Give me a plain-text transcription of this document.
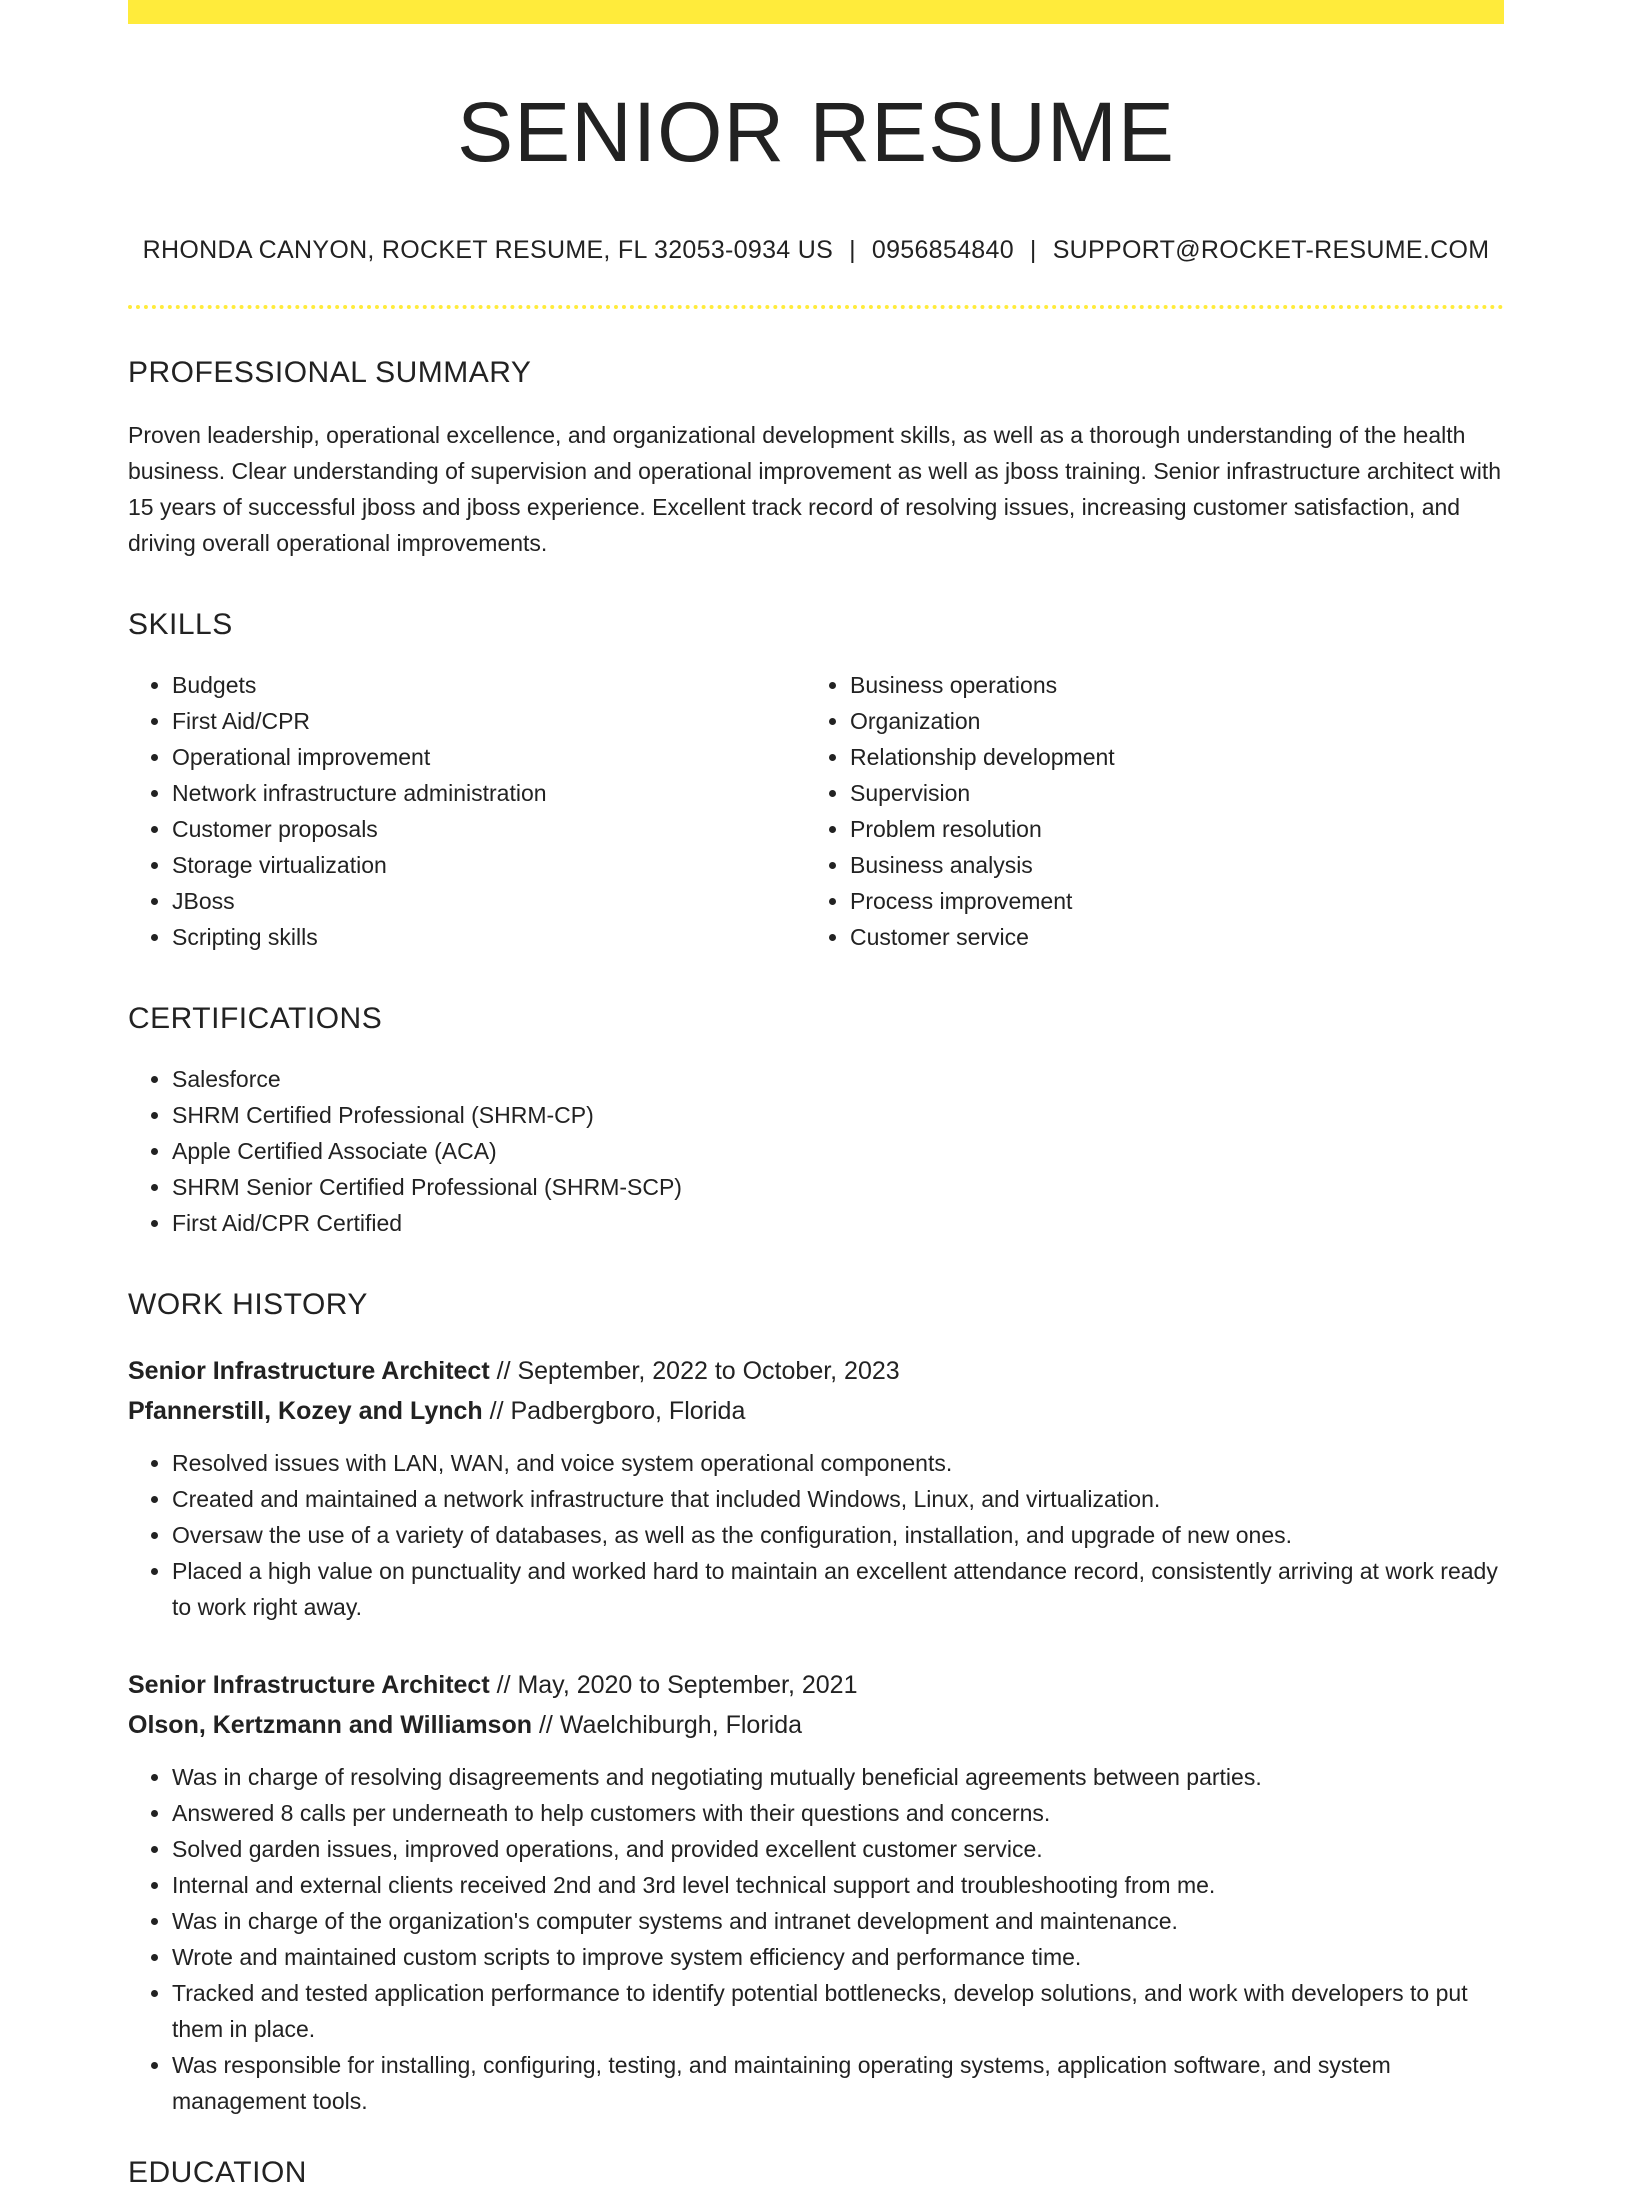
SENIOR RESUME
RHONDA CANYON, ROCKET RESUME, FL 32053-0934 US | 0956854840 | SUPPORT@ROCKET-RESUME.COM
PROFESSIONAL SUMMARY

Proven leadership, operational excellence, and organizational development skills, as well as a thorough understanding of the health business. Clear understanding of supervision and operational improvement as well as jboss training. Senior infrastructure architect with 15 years of successful jboss and jboss experience. Excellent track record of resolving issues, increasing customer satisfaction, and driving overall operational improvements.

SKILLS
• Budgets
• First Aid/CPR
• Operational improvement
• Network infrastructure administration
• Customer proposals
• Storage virtualization
• JBoss
• Scripting skills
• Business operations
• Organization
• Relationship development
• Supervision
• Problem resolution
• Business analysis
• Process improvement
• Customer service
CERTIFICATIONS
• Salesforce
• SHRM Certified Professional (SHRM-CP)
• Apple Certified Associate (ACA)
• SHRM Senior Certified Professional (SHRM-SCP)
• First Aid/CPR Certified
WORK HISTORY
Senior Infrastructure Architect // September, 2022 to October, 2023
Pfannerstill, Kozey and Lynch // Padbergboro, Florida
• Resolved issues with LAN, WAN, and voice system operational components.
• Created and maintained a network infrastructure that included Windows, Linux, and virtualization.
• Oversaw the use of a variety of databases, as well as the configuration, installation, and upgrade of new ones.
• Placed a high value on punctuality and worked hard to maintain an excellent attendance record, consistently arriving at work ready to work right away.
Senior Infrastructure Architect // May, 2020 to September, 2021
Olson, Kertzmann and Williamson // Waelchiburgh, Florida
• Was in charge of resolving disagreements and negotiating mutually beneficial agreements between parties.
• Answered 8 calls per underneath to help customers with their questions and concerns.
• Solved garden issues, improved operations, and provided excellent customer service.
• Internal and external clients received 2nd and 3rd level technical support and troubleshooting from me.
• Was in charge of the organization's computer systems and intranet development and maintenance.
• Wrote and maintained custom scripts to improve system efficiency and performance time.
• Tracked and tested application performance to identify potential bottlenecks, develop solutions, and work with developers to put them in place.
• Was responsible for installing, configuring, testing, and maintaining operating systems, application software, and system management tools.
EDUCATION
